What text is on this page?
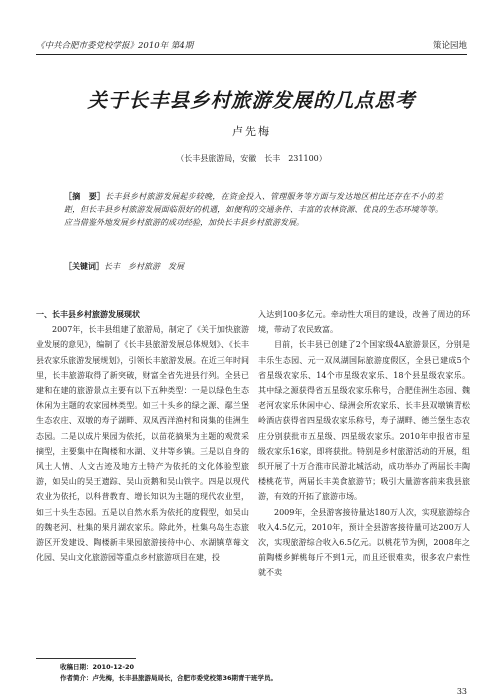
《中共合肥市委党校学报》2010年 第4期	策论园地
关于长丰县乡村旅游发展的几点思考
卢先梅
（长丰县旅游局，安徽　长丰　231100）
［摘　要］长丰县乡村旅游发展起步较晚，在资金投入、管理服务等方面与发达地区相比还存在不小的差距，但长丰县乡村旅游发展面临很好的机遇，如便利的交通条件、丰富的农林资源、优良的生态环境等等。应当借鉴外地发展乡村旅游的成功经验，加快长丰县乡村旅游发展。
［关键词］长丰　乡村旅游　发展

一、长丰县乡村旅游发展现状

2007年，长丰县组建了旅游局，制定了《关于加快旅游业发展的意见》，编制了《长丰县旅游发展总体规划》、《长丰县农家乐旅游发展规划》，引领长丰旅游发展。在近三年时间里，长丰旅游取得了新突破，财富全省先进县行列。全县已建和在建的旅游景点主要有以下五种类型：一是以绿色生态休闲为主题的农家园林类型。如三十头乡的绿之源、鄢兰堡生态农庄、双墩的寿子湖畔、双凤西洋渔村和岗集的佳洲生态园。二是以成片果园为依托，以苗花摘果为主题的观赏采摘型，主要集中在陶楼和水湖、义井等乡镇。三是以自身的风土人情、人文古迹及地方土特产为依托的文化体验型旅游，如吴山的吴王遗踪、吴山贡鹅和吴山铁字。四是以现代农业为依托，以科普教育、增长知识为主题的现代农业型，如三十头生态园。五是以自然水系为依托的度假型，如吴山的魏老河、杜集的果月湖农家乐。除此外，杜集乌岛生态旅游区开发建设、陶楼新丰果园旅游接待中心、水湖镇草莓文化园、吴山文化旅游园等重点乡村旅游项目在建，投

入达到100多亿元。牵动性大项目的建设，改善了周边的环境，带动了农民致富。

目前，长丰县已创建了2个国家级4A旅游景区，分别是丰乐生态园、元一双凤湖国际旅游度假区，全县已建成5个省星级农家乐、14个市星级农家乐、18个县星级农家乐。其中绿之源获得省五星级农家乐称号，合肥佳洲生态园、魏老河农家乐休闲中心、绿洲会所农家乐、长丰县双墩镇青松岭酒店获得省四星级农家乐称号，寿子湖畔、德兰堡生态农庄分别获批市五星级、四星级农家乐。2010年申报省市星级农家乐16家，即将获批。特别是乡村旅游活动的开展，组织开展了十万合淮市民游北城活动，成功举办了两届长丰陶楼桃花节，两届长丰美食旅游节；吸引大量游客前来我县旅游，有效的开拓了旅游市场。

2009年，全县游客接待量达180万人次，实现旅游综合收入4.5亿元，2010年，预计全县游客接待量可达200万人次，实现旅游综合收入6.5亿元。以桃花节为例，2008年之前陶楼乡鲜桃每斤不到1元，而且还很难卖，很多农户索性就不卖

收稿日期：2010-12-20
作者简介：卢先梅，长丰县旅游局局长，合肥市委党校第36期青干班学员。
33
